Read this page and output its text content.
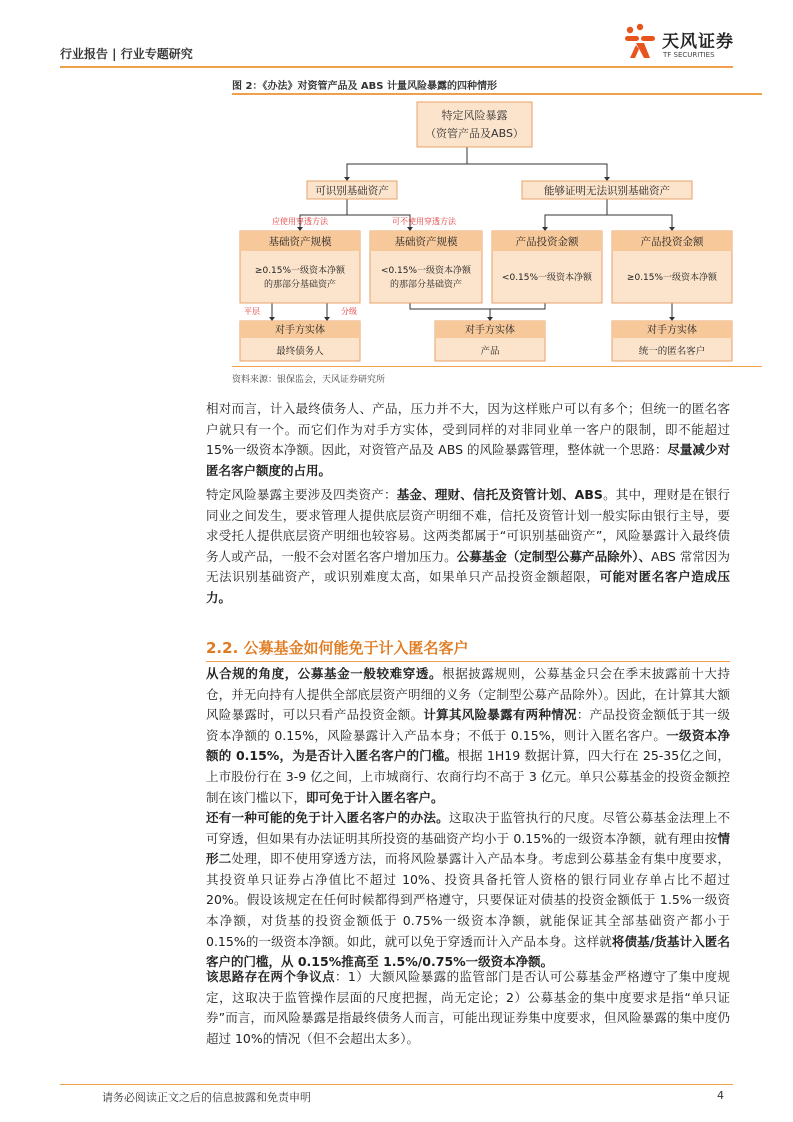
行业报告 | 行业专题研究
天风证券
TF SECURITIES
图 2：《办法》对资管产品及 ABS 计量风险暴露的四种情形
特定风险暴露
（资管产品及ABS）
可识别基础资产	能够证明无法识别基础资产
应使用穿透方法	可不使用穿透方法
基础资产规模
≥0.15%一级资本净额
的那部分基础资产
基础资产规模
<0.15%一级资本净额
的那部分基础资产
产品投资金额
<0.15%一级资本净额
产品投资金额
≥0.15%一级资本净额
平层	分级
对手方实体
最终债务人
对手方实体
产品
对手方实体
统一的匿名客户
资料来源：银保监会，天风证券研究所
相对而言，计入最终债务人、产品，压力并不大，因为这样账户可以有多个；但统一的匿名客户就只有一个。而它们作为对手方实体，受到同样的对非同业单一客户的限制，即不能超过 15%一级资本净额。因此，对资管产品及 ABS 的风险暴露管理，整体就一个思路：尽量减少对匿名客户额度的占用。
特定风险暴露主要涉及四类资产：基金、理财、信托及资管计划、ABS。其中，理财是在银行同业之间发生，要求管理人提供底层资产明细不难，信托及资管计划一般实际由银行主导，要求受托人提供底层资产明细也较容易。这两类都属于“可识别基础资产”，风险暴露计入最终债务人或产品，一般不会对匿名客户增加压力。公募基金（定制型公募产品除外）、ABS 常常因为无法识别基础资产，或识别难度太高，如果单只产品投资金额超限，可能对匿名客户造成压力。
2.2. 公募基金如何能免于计入匿名客户
从合规的角度，公募基金一般较难穿透。根据披露规则，公募基金只会在季末披露前十大持仓，并无向持有人提供全部底层资产明细的义务（定制型公募产品除外）。因此，在计算其大额风险暴露时，可以只看产品投资金额。计算其风险暴露有两种情况：产品投资金额低于其一级资本净额的 0.15%，风险暴露计入产品本身；不低于 0.15%，则计入匿名客户。一级资本净额的 0.15%，为是否计入匿名客户的门槛。根据 1H19 数据计算，四大行在 25-35亿之间，上市股份行在 3-9 亿之间，上市城商行、农商行均不高于 3 亿元。单只公募基金的投资金额控制在该门槛以下，即可免于计入匿名客户。
还有一种可能的免于计入匿名客户的办法。这取决于监管执行的尺度。尽管公募基金法理上不可穿透，但如果有办法证明其所投资的基础资产均小于 0.15%的一级资本净额，就有理由按情形二处理，即不使用穿透方法，而将风险暴露计入产品本身。考虑到公募基金有集中度要求，其投资单只证券占净值比不超过 10%、投资具备托管人资格的银行同业存单占比不超过 20%。假设该规定在任何时候都得到严格遵守，只要保证对债基的投资金额低于 1.5%一级资本净额，对货基的投资金额低于 0.75%一级资本净额，就能保证其全部基础资产都小于 0.15%的一级资本净额。如此，就可以免于穿透而计入产品本身。这样就将债基/货基计入匿名客户的门槛，从 0.15%推高至 1.5%/0.75%一级资本净额。
该思路存在两个争议点：1）大额风险暴露的监管部门是否认可公募基金严格遵守了集中度规定，这取决于监管操作层面的尺度把握，尚无定论；2）公募基金的集中度要求是指“单只证券”而言，而风险暴露是指最终债务人而言，可能出现证券集中度要求，但风险暴露的集中度仍超过 10%的情况（但不会超出太多）。
请务必阅读正文之后的信息披露和免责申明	4
